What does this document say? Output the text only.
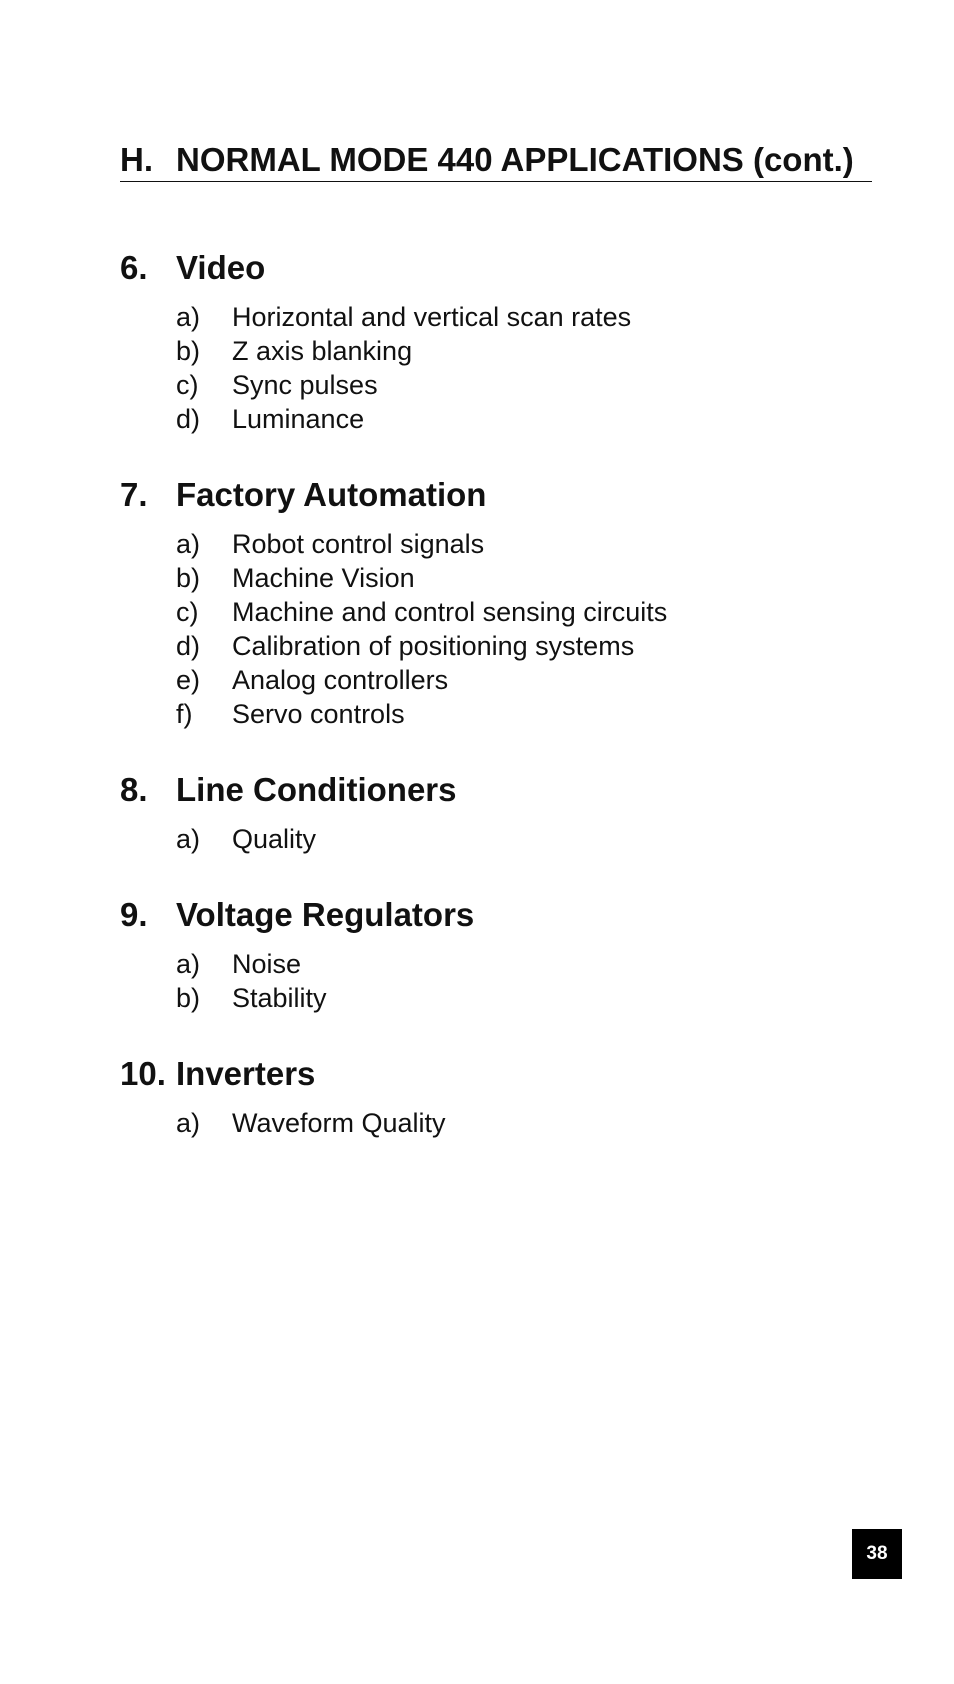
H. NORMAL MODE 440 APPLICATIONS (cont.)
6. Video
a) Horizontal and vertical scan rates
b) Z axis blanking
c) Sync pulses
d) Luminance
7. Factory Automation
a) Robot control signals
b) Machine Vision
c) Machine and control sensing circuits
d) Calibration of positioning systems
e) Analog controllers
f) Servo controls
8. Line Conditioners
a) Quality
9. Voltage Regulators
a) Noise
b) Stability
10. Inverters
a) Waveform Quality
38
